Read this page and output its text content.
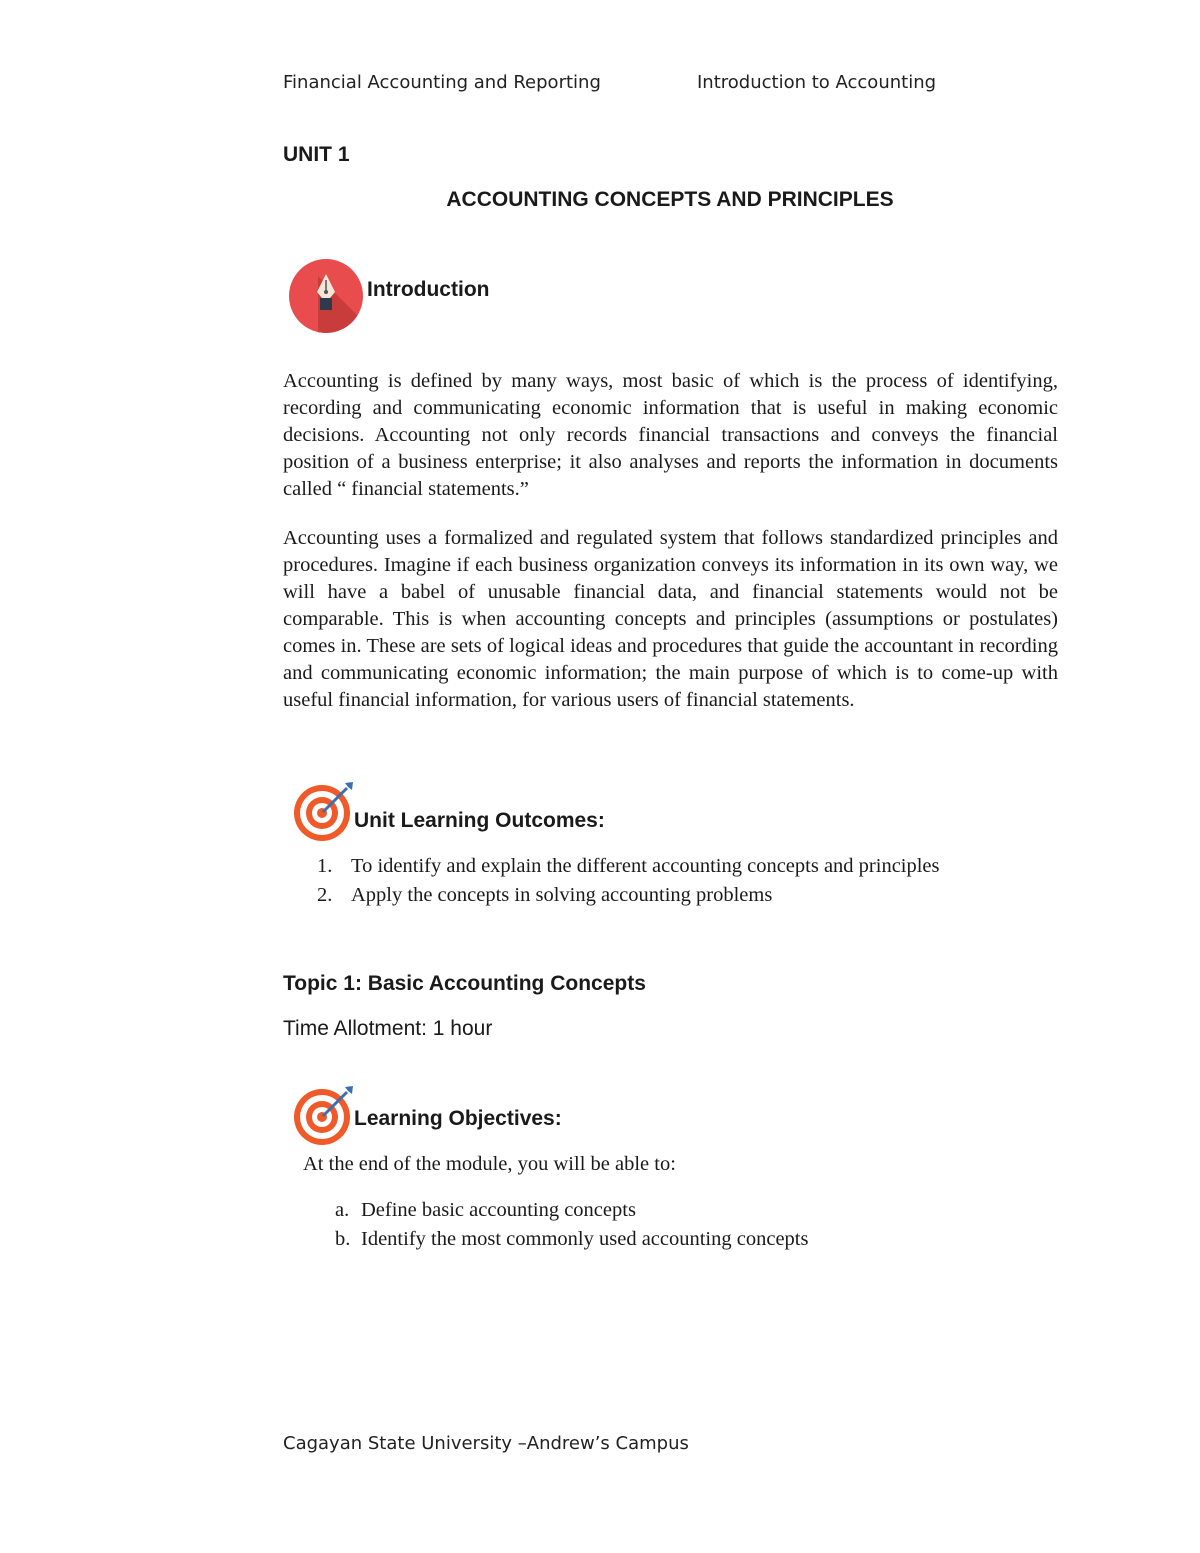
Financial Accounting and Reporting	Introduction to Accounting
UNIT 1
ACCOUNTING CONCEPTS AND PRINCIPLES
Introduction

Accounting is defined by many ways, most basic of which is the process of identifying, recording and communicating economic information that is useful in making economic decisions. Accounting not only records financial transactions and conveys the financial position of a business enterprise; it also analyses and reports the information in documents called “ financial statements.”

Accounting uses a formalized and regulated system that follows standardized principles and procedures. Imagine if each business organization conveys its information in its own way, we will have a babel of unusable financial data, and financial statements would not be comparable. This is when accounting concepts and principles (assumptions or postulates) comes in. These are sets of logical ideas and procedures that guide the accountant in recording and communicating economic information; the main purpose of which is to come-up with useful financial information, for various users of financial statements.

Unit Learning Outcomes:
1. To identify and explain the different accounting concepts and principles
2. Apply the concepts in solving accounting problems
Topic 1: Basic Accounting Concepts
Time Allotment: 1 hour
Learning Objectives:
At the end of the module, you will be able to:
a. Define basic accounting concepts
b. Identify the most commonly used accounting concepts
Cagayan State University –Andrew’s Campus
